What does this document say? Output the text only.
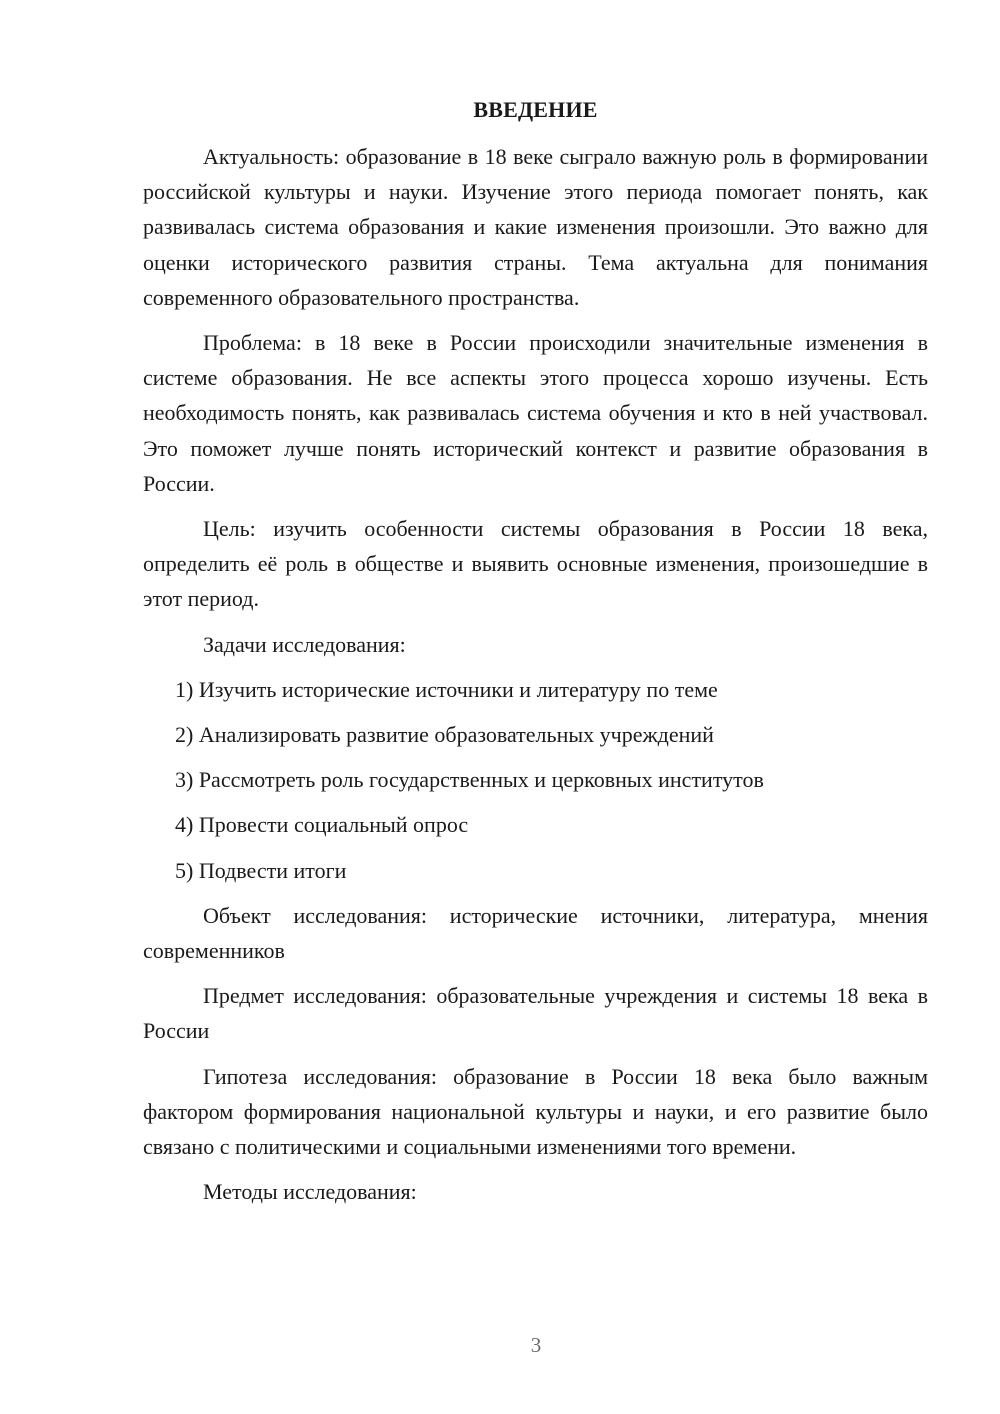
ВВЕДЕНИЕ

Актуальность: образование в 18 веке сыграло важную роль в формировании российской культуры и науки. Изучение этого периода помогает понять, как развивалась система образования и какие изменения произошли. Это важно для оценки исторического развития страны. Тема актуальна для понимания современного образовательного пространства.

Проблема: в 18 веке в России происходили значительные изменения в системе образования. Не все аспекты этого процесса хорошо изучены. Есть необходимость понять, как развивалась система обучения и кто в ней участвовал. Это поможет лучше понять исторический контекст и развитие образования в России.

Цель: изучить особенности системы образования в России 18 века, определить её роль в обществе и выявить основные изменения, произошедшие в этот период.

Задачи исследования:

1) Изучить исторические источники и литературу по теме
2) Анализировать развитие образовательных учреждений
3) Рассмотреть роль государственных и церковных институтов
4) Провести социальный опрос
5) Подвести итоги

Объект исследования: исторические источники, литература, мнения современников

Предмет исследования: образовательные учреждения и системы 18 века в России

Гипотеза исследования: образование в России 18 века было важным фактором формирования национальной культуры и науки, и его развитие было связано с политическими и социальными изменениями того времени.

Методы исследования:

3
